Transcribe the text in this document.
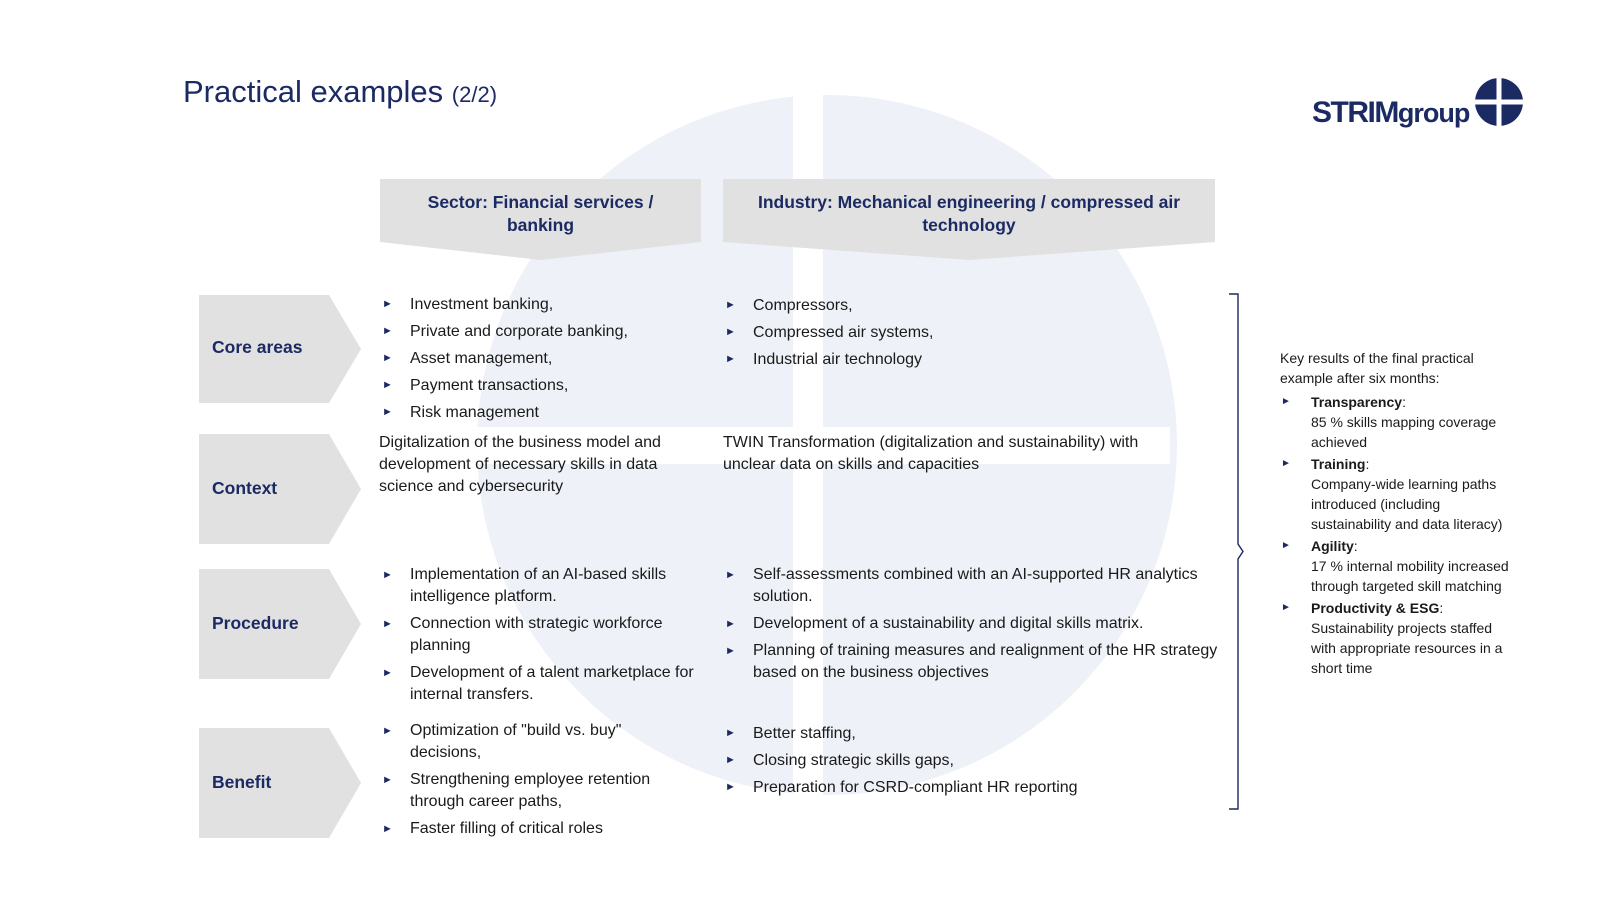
Practical examples (2/2)
STRIMgroup
Sector: Financial services / banking
Industry: Mechanical engineering / compressed air technology
Core areas
Context
Procedure
Benefit
► Investment banking,
► Private and corporate banking,
► Asset management,
► Payment transactions,
► Risk management
► Compressors,
► Compressed air systems,
► Industrial air technology
Digitalization of the business model and development of necessary skills in data science and cybersecurity
TWIN Transformation (digitalization and sustainability) with unclear data on skills and capacities
► Implementation of an AI-based skills intelligence platform.
► Connection with strategic workforce planning
► Development of a talent marketplace for internal transfers.
► Self-assessments combined with an AI-supported HR analytics solution.
► Development of a sustainability and digital skills matrix.
► Planning of training measures and realignment of the HR strategy based on the business objectives
► Optimization of "build vs. buy" decisions,
► Strengthening employee retention through career paths,
► Faster filling of critical roles
► Better staffing,
► Closing strategic skills gaps,
► Preparation for CSRD-compliant HR reporting
Key results of the final practical example after six months:
► Transparency:
85 % skills mapping coverage achieved
► Training:
Company-wide learning paths introduced (including sustainability and data literacy)
► Agility:
17 % internal mobility increased through targeted skill matching
► Productivity & ESG:
Sustainability projects staffed with appropriate resources in a short time
